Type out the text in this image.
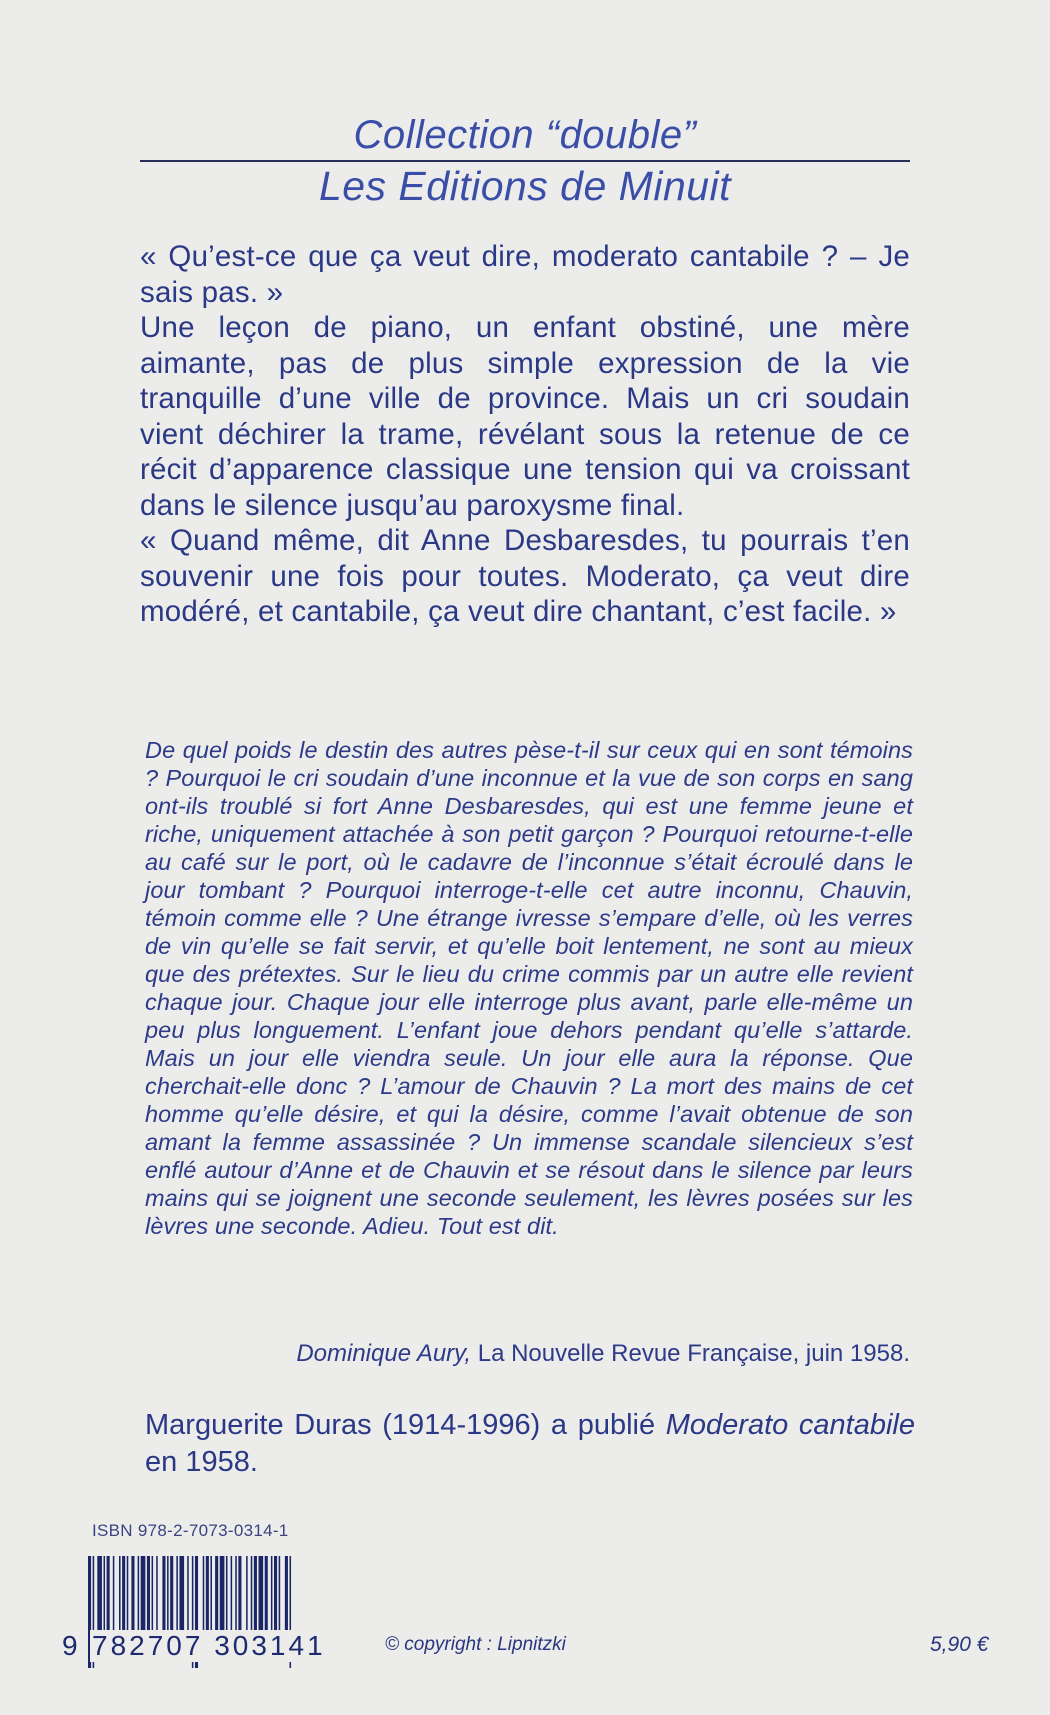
Collection “double”
Les Editions de Minuit

« Qu’est-ce que ça veut dire, moderato cantabile ? – Je sais pas. »

Une leçon de piano, un enfant obstiné, une mère aimante, pas de plus simple expression de la vie tranquille d’une ville de province. Mais un cri soudain vient déchirer la trame, révélant sous la retenue de ce récit d’apparence classique une tension qui va croissant dans le silence jusqu’au paroxysme final.

« Quand même, dit Anne Desbaresdes, tu pourrais t’en souvenir une fois pour toutes. Moderato, ça veut dire modéré, et cantabile, ça veut dire chantant, c’est facile. »

De quel poids le destin des autres pèse-t-il sur ceux qui en sont témoins ? Pourquoi le cri soudain d’une inconnue et la vue de son corps en sang ont-ils troublé si fort Anne Desbaresdes, qui est une femme jeune et riche, uniquement attachée à son petit garçon ? Pourquoi retourne-t-elle au café sur le port, où le cadavre de l’inconnue s’était écroulé dans le jour tombant ? Pourquoi interroge-t-elle cet autre inconnu, Chauvin, témoin comme elle ? Une étrange ivresse s’empare d’elle, où les verres de vin qu’elle se fait servir, et qu’elle boit lentement, ne sont au mieux que des prétextes. Sur le lieu du crime commis par un autre elle revient chaque jour. Chaque jour elle interroge plus avant, parle elle-même un peu plus longuement. L’enfant joue dehors pendant qu’elle s’attarde. Mais un jour elle viendra seule. Un jour elle aura la réponse. Que cherchait-elle donc ? L’amour de Chauvin ? La mort des mains de cet homme qu’elle désire, et qui la désire, comme l’avait obtenue de son amant la femme assassinée ? Un immense scandale silencieux s’est enflé autour d’Anne et de Chauvin et se résout dans le silence par leurs mains qui se joignent une seconde seulement, les lèvres posées sur les lèvres une seconde. Adieu. Tout est dit.

Dominique Aury, La Nouvelle Revue Française, juin 1958.

Marguerite Duras (1914-1996) a publié Moderato cantabile en 1958.

ISBN 978-2-7073-0314-1
9 782707 303141	© copyright : Lipnitzki	5,90 €
